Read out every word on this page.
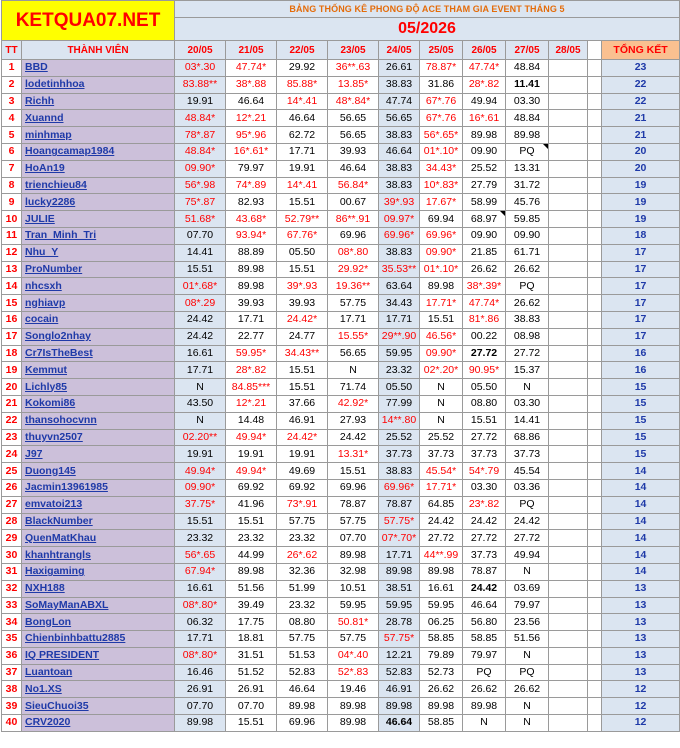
KETQUA07.NET		BẢNG THỐNG KÊ PHONG ĐỘ ACE THAM GIA EVENT THÁNG 5										
		05/2026										
TT	THÀNH VIÊN	20/05	21/05	22/05	23/05	24/05	25/05	26/05	27/05	28/05		TỔNG KẾT
1	BBD	03*.30	47.74*	29.92	36**.63	26.61	78.87*	47.74*	48.84			23
2	lodetinhhoa	83.88**	38*.88	85.88*	13.85*	38.83	31.86	28*.82	11.41			22
3	Richh	19.91	46.64	14*.41	48*.84*	47.74	67*.76	49.94	03.30			22
4	Xuannd	48.84*	12*.21	46.64	56.65	56.65	67*.76	16*.61	48.84			21
5	minhmap	78*.87	95*.96	62.72	56.65	38.83	56*.65*	89.98	89.98			21
6	Hoangcamap1984	48.84*	16*.61*	17.71	39.93	46.64	01*.10*	09.90	PQ			20
7	HoAn19	09.90*	79.97	19.91	46.64	38.83	34.43*	25.52	13.31			20
8	trienchieu84	56*.98	74*.89	14*.41	56.84*	38.83	10*.83*	27.79	31.72			19
9	lucky2286	75*.87	82.93	15.51	00.67	39*.93	17.67*	58.99	45.76			19
10	JULIE	51.68*	43.68*	52.79**	86**.91	09.97*	69.94	68.97	59.85			19
11	Tran_Minh_Tri	07.70	93.94*	67.76*	69.96	69.96*	69.96*	09.90	09.90			18
12	Nhu_Y	14.41	88.89	05.50	08*.80	38.83	09.90*	21.85	61.71			17
13	ProNumber	15.51	89.98	15.51	29.92*	35.53**	01*.10*	26.62	26.62			17
14	nhcsxh	01*.68*	89.98	39*.93	19.36**	63.64	89.98	38*.39*	PQ			17
15	nghiavp	08*.29	39.93	39.93	57.75	34.43	17.71*	47.74*	26.62			17
16	cocain	24.42	17.71	24.42*	17.71	17.71	15.51	81*.86	38.83			17
17	Songlo2nhay	24.42	22.77	24.77	15.55*	29**.90	46.56*	00.22	08.98			17
18	Cr7IsTheBest	16.61	59.95*	34.43**	56.65	59.95	09.90*	27.72	27.72			16
19	Kemmut	17.71	28*.82	15.51	N	23.32	02*.20*	90.95*	15.37			16
20	Lichly85	N	84.85***	15.51	71.74	05.50	N	05.50	N			15
21	Kokomi86	43.50	12*.21	37.66	42.92*	77.99	N	08.80	03.30			15
22	thansohocvnn	N	14.48	46.91	27.93	14**.80	N	15.51	14.41			15
23	thuyvn2507	02.20**	49.94*	24.42*	24.42	25.52	25.52	27.72	68.86			15
24	J97	19.91	19.91	19.91	13.31*	37.73	37.73	37.73	37.73			15
25	Duong145	49.94*	49.94*	49.69	15.51	38.83	45.54*	54*.79	45.54			14
26	Jacmin13961985	09.90*	69.92	69.92	69.96	69.96*	17.71*	03.30	03.36			14
27	emvatoi213	37.75*	41.96	73*.91	78.87	78.87	64.85	23*.82	PQ			14
28	BlackNumber	15.51	15.51	57.75	57.75	57.75*	24.42	24.42	24.42			14
29	QuenMatKhau	23.32	23.32	23.32	07.70	07*.70*	27.72	27.72	27.72			14
30	khanhtrangls	56*.65	44.99	26*.62	89.98	17.71	44**.99	37.73	49.94			14
31	Haxigaming	67.94*	89.98	32.36	32.98	89.98	89.98	78.87	N			14
32	NXH188	16.61	51.56	51.99	10.51	38.51	16.61	24.42	03.69			13
33	SoMayManABXL	08*.80*	39.49	23.32	59.95	59.95	59.95	46.64	79.97			13
34	BongLon	06.32	17.75	08.80	50.81*	28.78	06.25	56.80	23.56			13
35	Chienbinhbattu2885	17.71	18.81	57.75	57.75	57.75*	58.85	58.85	51.56			13
36	IQ PRESIDENT	08*.80*	31.51	51.53	04*.40	12.21	79.89	79.97	N			13
37	Luantoan	16.46	51.52	52.83	52*.83	52.83	52.73	PQ	PQ			13
38	No1.XS	26.91	26.91	46.64	19.46	46.91	26.62	26.62	26.62			12
39	SieuChuoi35	07.70	07.70	89.98	89.98	89.98	89.98	89.98	N			12
40	CRV2020	89.98	15.51	69.96	89.98	46.64	58.85	N	N			12
